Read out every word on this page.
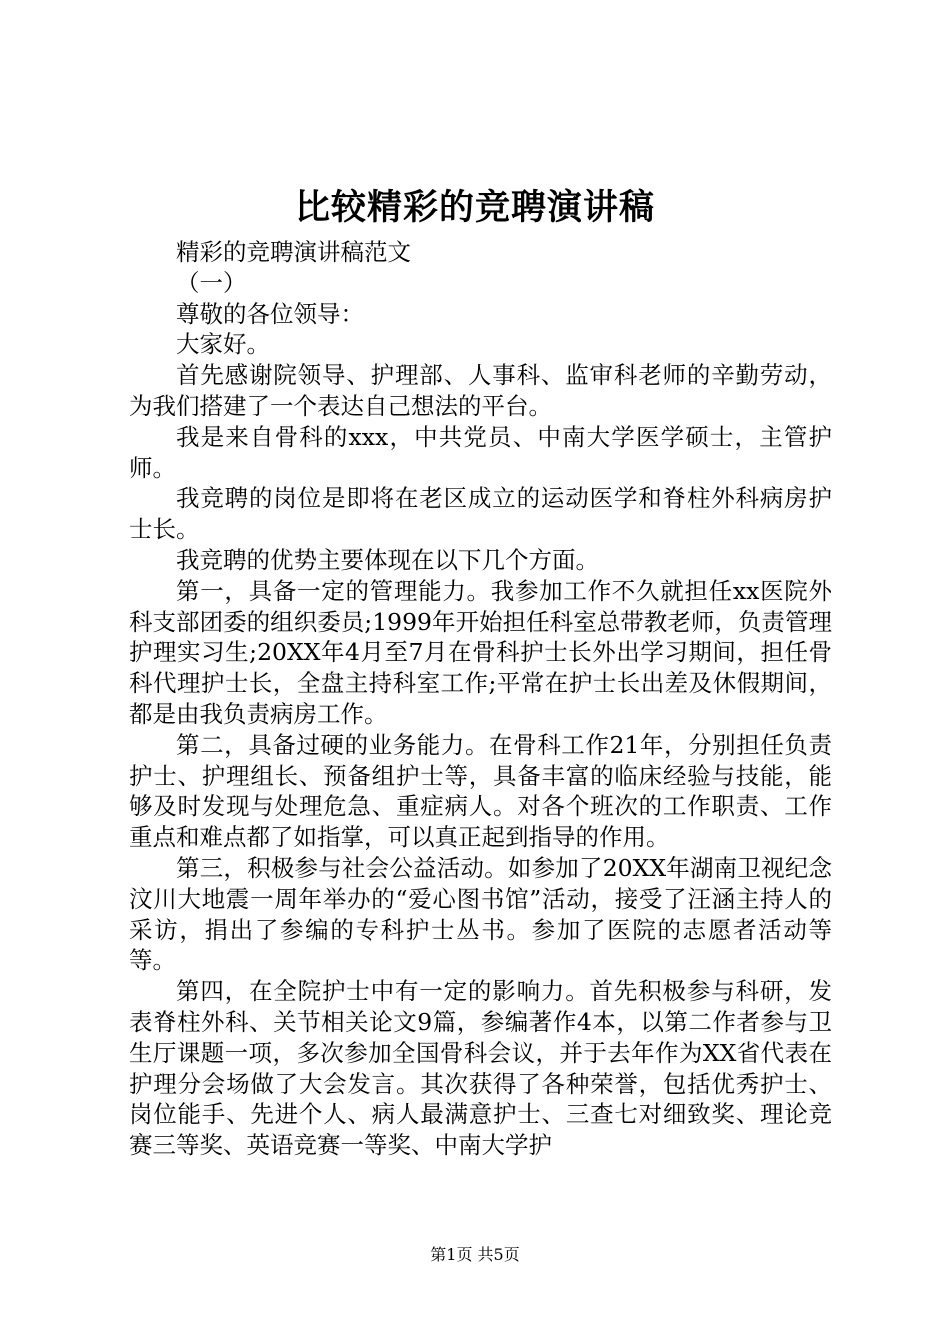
比较精彩的竞聘演讲稿

精彩的竞聘演讲稿范文

（一）

尊敬的各位领导：

大家好。

首先感谢院领导、护理部、人事科、监审科老师的辛勤劳动，为我们搭建了一个表达自己想法的平台。

我是来自骨科的xxx，中共党员、中南大学医学硕士，主管护师。

我竞聘的岗位是即将在老区成立的运动医学和脊柱外科病房护士长。

我竞聘的优势主要体现在以下几个方面。

第一，具备一定的管理能力。我参加工作不久就担任xx医院外科支部团委的组织委员;1999年开始担任科室总带教老师，负责管理护理实习生;20XX年4月至7月在骨科护士长外出学习期间，担任骨科代理护士长，全盘主持科室工作;平常在护士长出差及休假期间，都是由我负责病房工作。

第二，具备过硬的业务能力。在骨科工作21年，分别担任负责护士、护理组长、预备组护士等，具备丰富的临床经验与技能，能够及时发现与处理危急、重症病人。对各个班次的工作职责、工作重点和难点都了如指掌，可以真正起到指导的作用。

第三，积极参与社会公益活动。如参加了20XX年湖南卫视纪念汶川大地震一周年举办的“爱心图书馆”活动，接受了汪涵主持人的采访，捐出了参编的专科护士丛书。参加了医院的志愿者活动等等。

第四，在全院护士中有一定的影响力。首先积极参与科研，发表脊柱外科、关节相关论文9篇，参编著作4本，以第二作者参与卫生厅课题一项，多次参加全国骨科会议，并于去年作为XX省代表在护理分会场做了大会发言。其次获得了各种荣誉，包括优秀护士、岗位能手、先进个人、病人最满意护士、三查七对细致奖、理论竞赛三等奖、英语竞赛一等奖、中南大学护

第1页 共5页
